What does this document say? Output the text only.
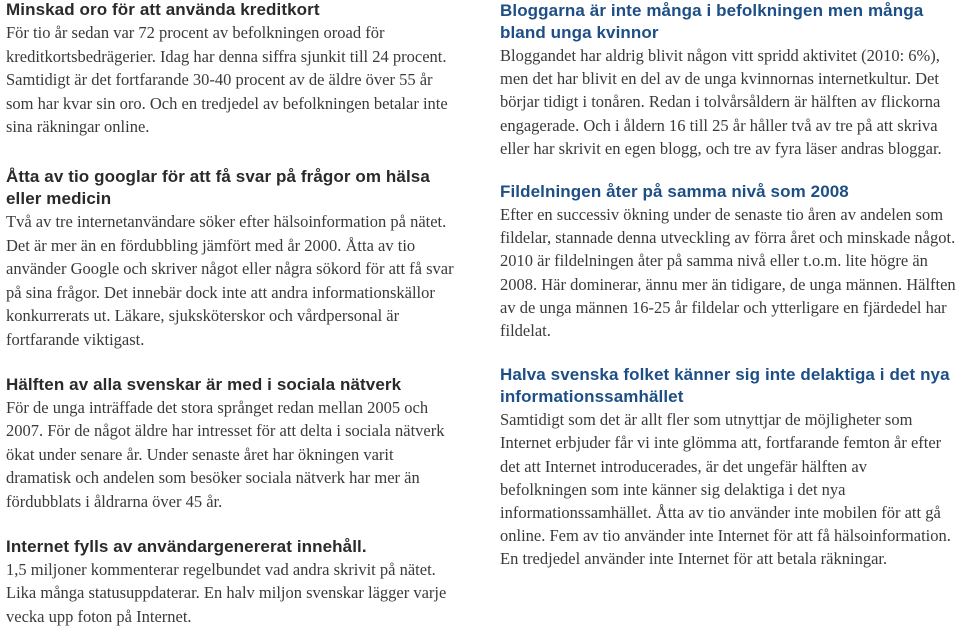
Minskad oro för att använda kreditkort

För tio år sedan var 72 procent av befolkningen oroad för kreditkortsbedrägerier. Idag har denna siffra sjunkit till 24 procent. Samtidigt är det fortfarande 30-40 procent av de äldre över 55 år som har kvar sin oro. Och en tredjedel av befolkningen betalar inte sina räkningar online.

Åtta av tio googlar för att få svar på frågor om hälsa eller medicin

Två av tre internetanvändare söker efter hälsoinformation på nätet. Det är mer än en fördubbling jämfört med år 2000. Åtta av tio använder Google och skriver något eller några sökord för att få svar på sina frågor. Det innebär dock inte att andra informationskällor konkurrerats ut. Läkare, sjuksköterskor och vårdpersonal är fortfarande viktigast.

Hälften av alla svenskar är med i sociala nätverk

För de unga inträffade det stora språnget redan mellan 2005 och 2007. För de något äldre har intresset för att delta i sociala nätverk ökat under senare år. Under senaste året har ökningen varit dramatisk och andelen som besöker sociala nätverk har mer än fördubblats i åldrarna över 45 år.

Internet fylls av användargenererat innehåll.

1,5 miljoner kommenterar regelbundet vad andra skrivit på nätet. Lika många statusuppdaterar. En halv miljon svenskar lägger varje vecka upp foton på Internet.

Bloggarna är inte många i befolkningen men många bland unga kvinnor

Bloggandet har aldrig blivit någon vitt spridd aktivitet (2010: 6%), men det har blivit en del av de unga kvinnornas internetkultur. Det börjar tidigt i tonåren. Redan i tolvårsåldern är hälften av flickorna engagerade. Och i åldern 16 till 25 år håller två av tre på att skriva eller har skrivit en egen blogg, och tre av fyra läser andras bloggar.

Fildelningen åter på samma nivå som 2008

Efter en successiv ökning under de senaste tio åren av andelen som fildelar, stannade denna utveckling av förra året och minskade något. 2010 är fildelningen åter på samma nivå eller t.o.m. lite högre än 2008. Här dominerar, ännu mer än tidigare, de unga männen. Hälften av de unga männen 16-25 år fildelar och ytterligare en fjärdedel har fildelat.

Halva svenska folket känner sig inte delaktiga i det nya informationssamhället

Samtidigt som det är allt fler som utnyttjar de möjligheter som Internet erbjuder får vi inte glömma att, fortfarande femton år efter det att Internet introducerades, är det ungefär hälften av befolkningen som inte känner sig delaktiga i det nya informationssamhället. Åtta av tio använder inte mobilen för att gå online. Fem av tio använder inte Internet för att få hälsoinformation. En tredjedel använder inte Internet för att betala räkningar.
